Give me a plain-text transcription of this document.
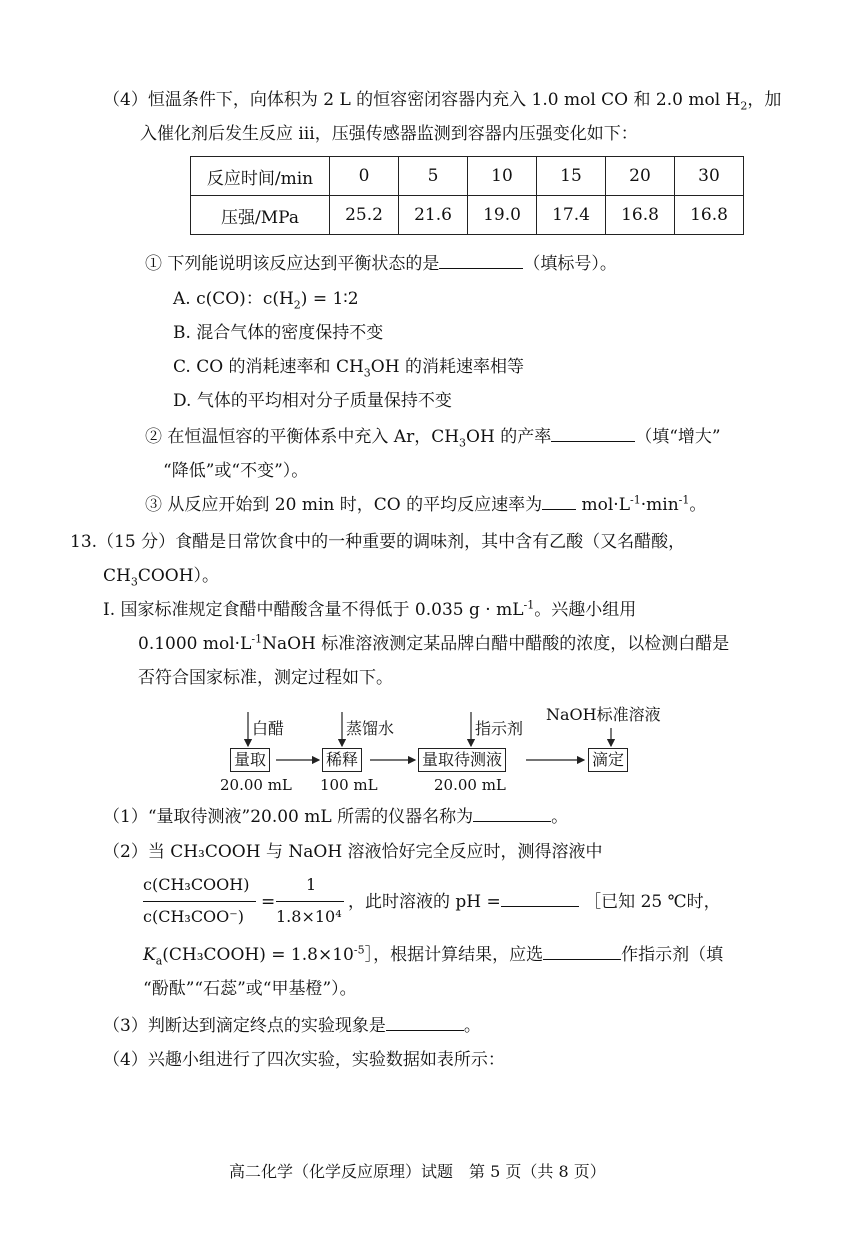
（4）恒温条件下，向体积为 2 L 的恒容密闭容器内充入 1.0 mol CO 和 2.0 mol $H_2$，加
入催化剂后发生反应 ⅲ，压强传感器监测到容器内压强变化如下：
反应时间/min	0	5	10	15	20	30
压强/MPa	25.2	21.6	19.0	17.4	16.8	16.8
① 下列能说明该反应达到平衡状态的是	（填标号）。
A. c(CO)：$c(H_2)$ = 1∶2
B. 混合气体的密度保持不变
C. CO 的消耗速率和 $CH_3OH$ 的消耗速率相等
D. 气体的平均相对分子质量保持不变
② 在恒温恒容的平衡体系中充入 Ar，$CH_3OH$ 的产率	（填“增大”
“降低”或“不变”）。
③ 从反应开始到 20 min 时，CO 的平均反应速率为 $mol\cdot L^{-1}\cdot\min^{-1}$。
13.（15 分）食醋是日常饮食中的一种重要的调味剂，其中含有乙酸（又名醋酸，
$CH_3COOH$）。
Ⅰ. 国家标准规定食醋中醋酸含量不得低于 0.035 $g \cdot mL^{-1}$。兴趣小组用
0.1000 $mol\cdot L^{-1}NaOH$ 标准溶液测定某品牌白醋中醋酸的浓度，以检测白醋是
否符合国家标准，测定过程如下。
白醋	蒸馏水	指示剂
NaOH标准溶液
量取	稀释	量取待测液	滴定
20.00 mL 100 mL	20.00 mL
（1）“量取待测液”20.00 mL 所需的仪器名称为	。
（2）当 CH₃COOH 与 NaOH 溶液恰好完全反应时，测得溶液中
c(CH₃COOH)
c(CH₃COO⁻)
=
1
1.8×10⁴
，此时溶液的 pH =	［已知 25 ℃时，
$K_a(CH_3COOH)$ = $1.8\times 10^{-5}]$，根据计算结果，应选	作指示剂（填
“酚酞”“石蕊”或“甲基橙”）。
（3）判断达到滴定终点的实验现象是	。
（4）兴趣小组进行了四次实验，实验数据如表所示：
高二化学（化学反应原理）试题　第 5 页（共 8 页）
